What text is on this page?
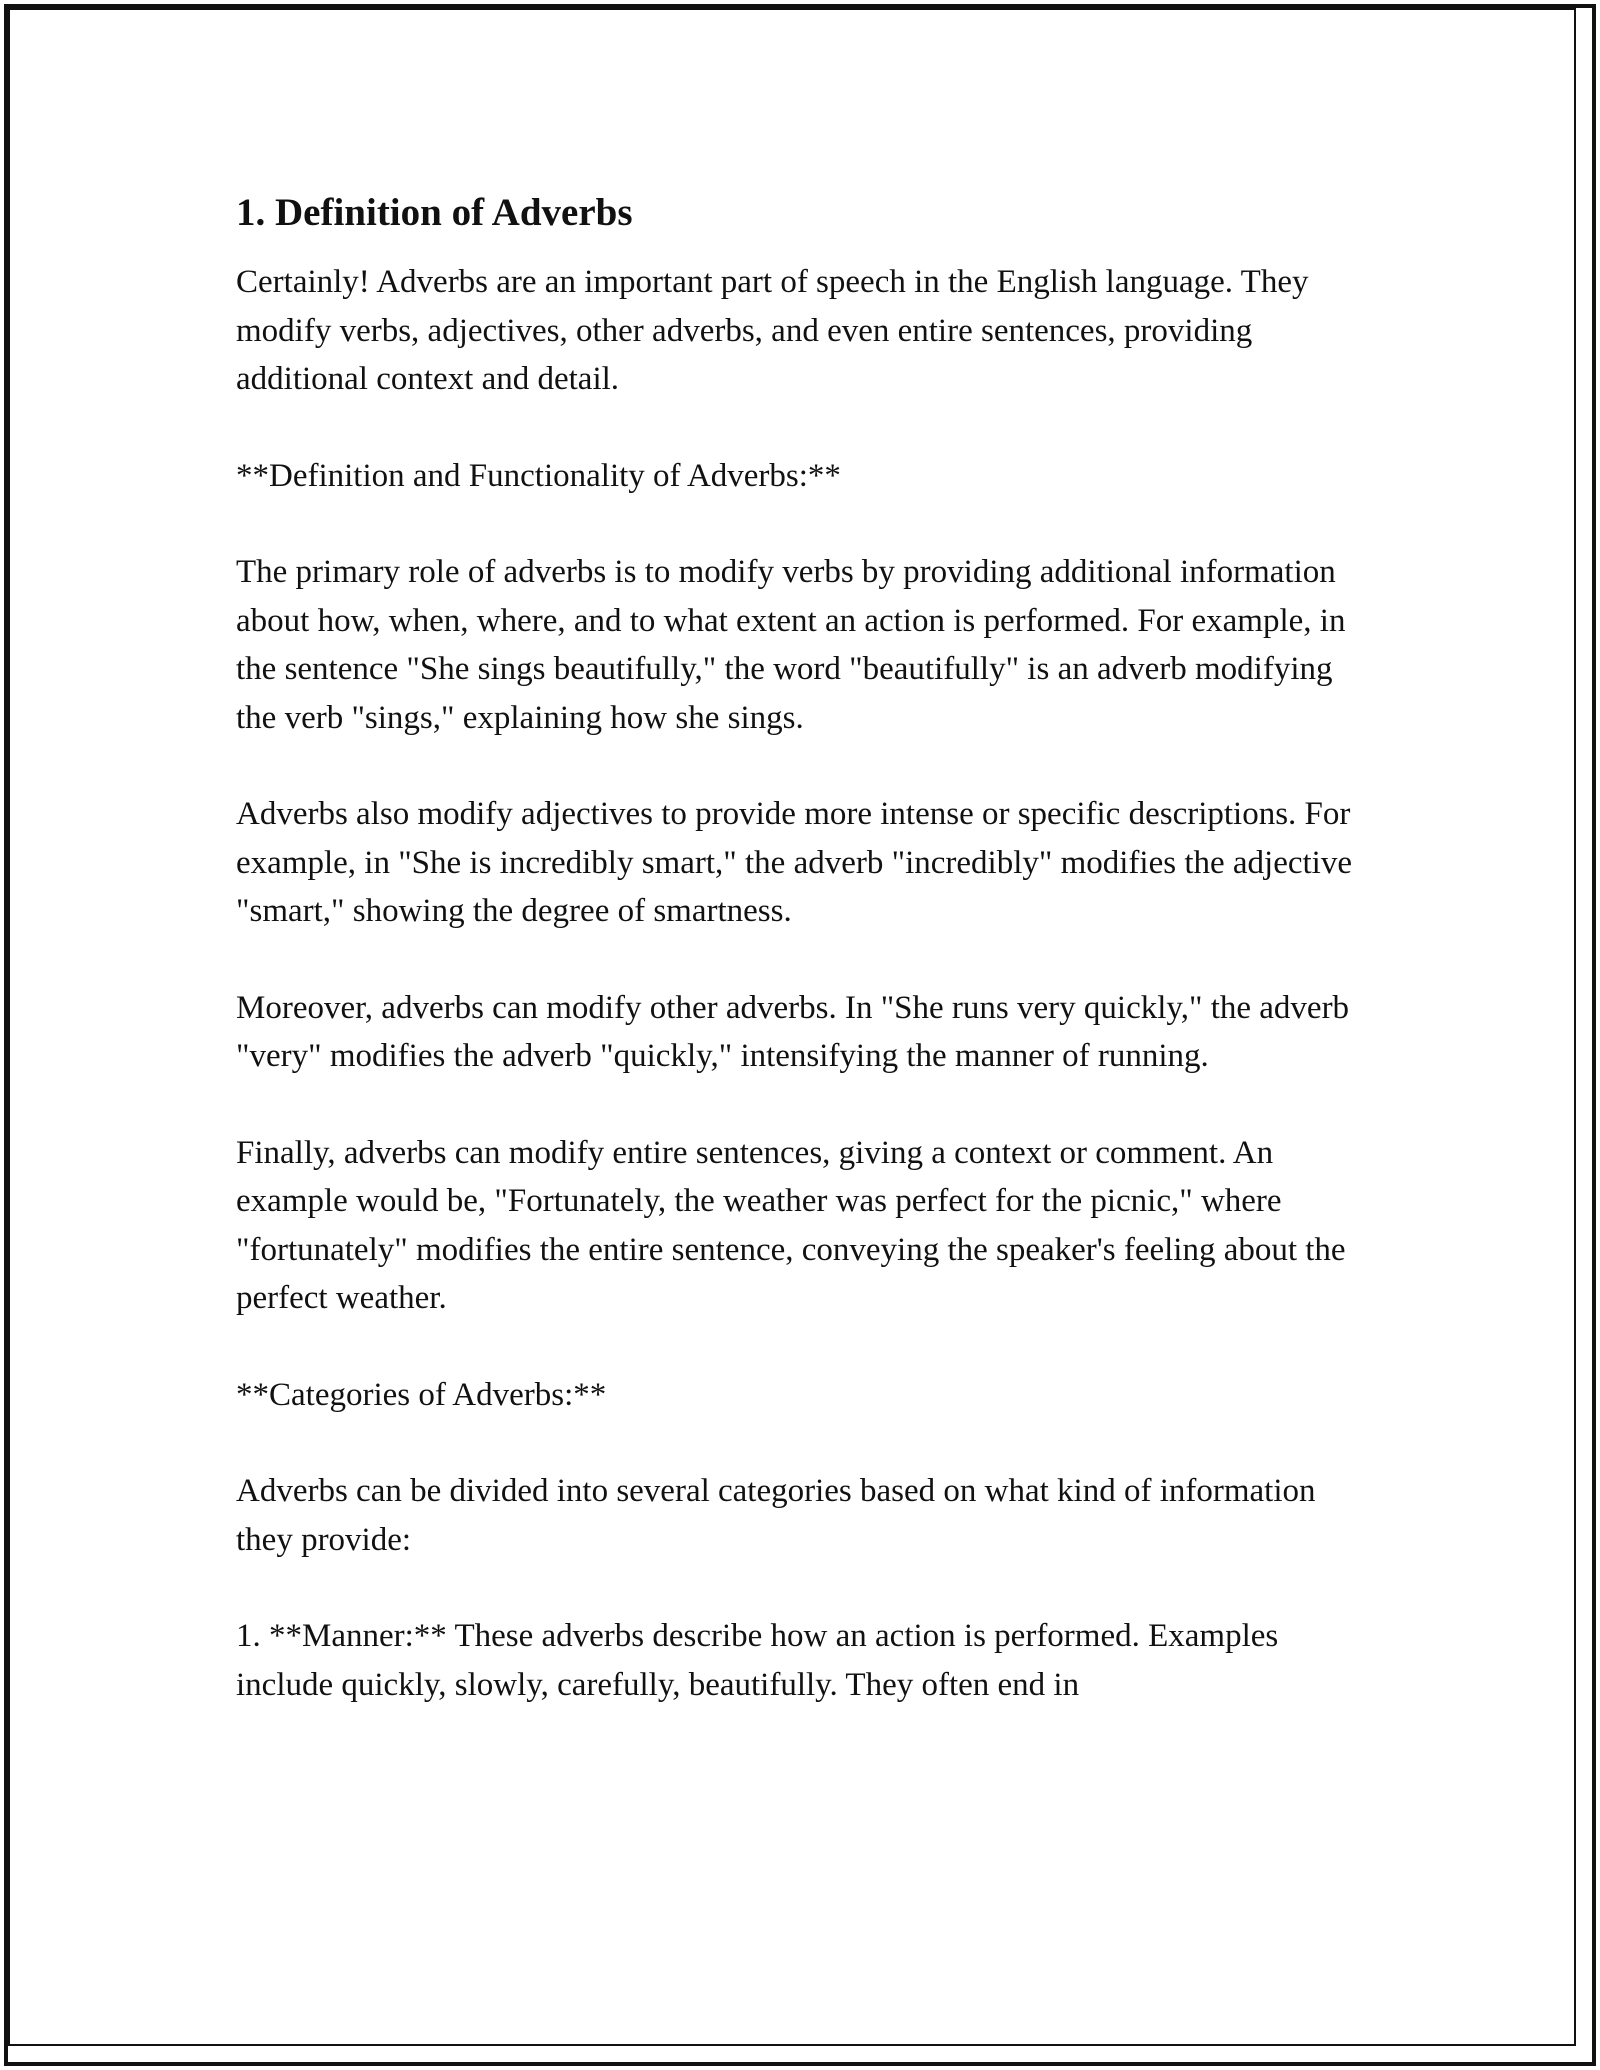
1. Definition of Adverbs

Certainly! Adverbs are an important part of speech in the English language. They modify verbs, adjectives, other adverbs, and even entire sentences, providing additional context and detail.

**Definition and Functionality of Adverbs:**

The primary role of adverbs is to modify verbs by providing additional information about how, when, where, and to what extent an action is performed. For example, in the sentence "She sings beautifully," the word "beautifully" is an adverb modifying the verb "sings," explaining how she sings.

Adverbs also modify adjectives to provide more intense or specific descriptions. For example, in "She is incredibly smart," the adverb "incredibly" modifies the adjective "smart," showing the degree of smartness.

Moreover, adverbs can modify other adverbs. In "She runs very quickly," the adverb "very" modifies the adverb "quickly," intensifying the manner of running.

Finally, adverbs can modify entire sentences, giving a context or comment. An example would be, "Fortunately, the weather was perfect for the picnic," where "fortunately" modifies the entire sentence, conveying the speaker's feeling about the perfect weather.

**Categories of Adverbs:**

Adverbs can be divided into several categories based on what kind of information they provide:

1. **Manner:** These adverbs describe how an action is performed. Examples include quickly, slowly, carefully, beautifully. They often end in
